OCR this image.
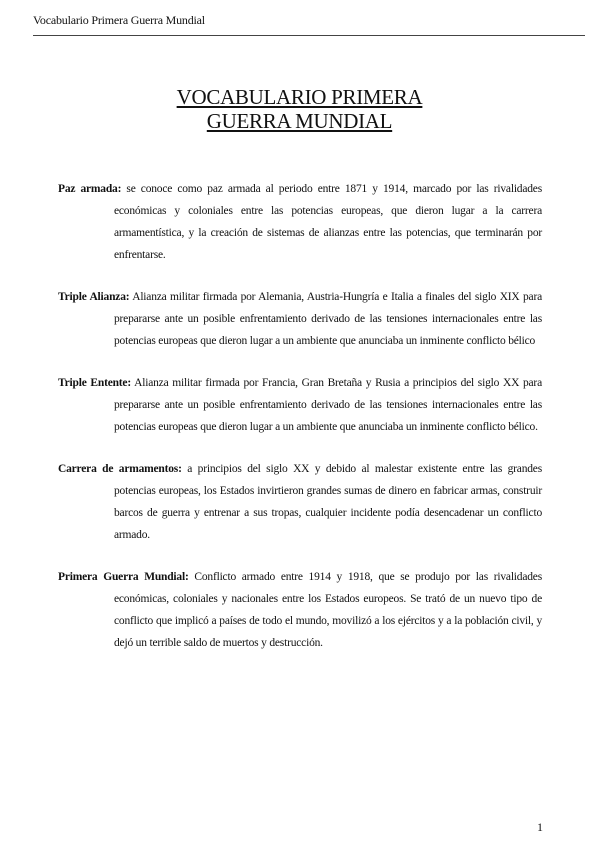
Vocabulario Primera Guerra Mundial
VOCABULARIO PRIMERA
GUERRA MUNDIAL

Paz armada: se conoce como paz armada al periodo entre 1871 y 1914, marcado por las rivalidades económicas y coloniales entre las potencias europeas, que dieron lugar a la carrera armamentística, y la creación de sistemas de alianzas entre las potencias, que terminarán por enfrentarse.

Triple Alianza: Alianza militar firmada por Alemania, Austria-Hungría e Italia a finales del siglo XIX para prepararse ante un posible enfrentamiento derivado de las tensiones internacionales entre las potencias europeas que dieron lugar a un ambiente que anunciaba un inminente conflicto bélico

Triple Entente: Alianza militar firmada por Francia, Gran Bretaña y Rusia a principios del siglo XX para prepararse ante un posible enfrentamiento derivado de las tensiones internacionales entre las potencias europeas que dieron lugar a un ambiente que anunciaba un inminente conflicto bélico.

Carrera de armamentos: a principios del siglo XX y debido al malestar existente entre las grandes potencias europeas, los Estados invirtieron grandes sumas de dinero en fabricar armas, construir barcos de guerra y entrenar a sus tropas, cualquier incidente podía desencadenar un conflicto armado.

Primera Guerra Mundial: Conflicto armado entre 1914 y 1918, que se produjo por las rivalidades económicas, coloniales y nacionales entre los Estados europeos. Se trató de un nuevo tipo de conflicto que implicó a países de todo el mundo, movilizó a los ejércitos y a la población civil, y dejó un terrible saldo de muertos y destrucción.

1
